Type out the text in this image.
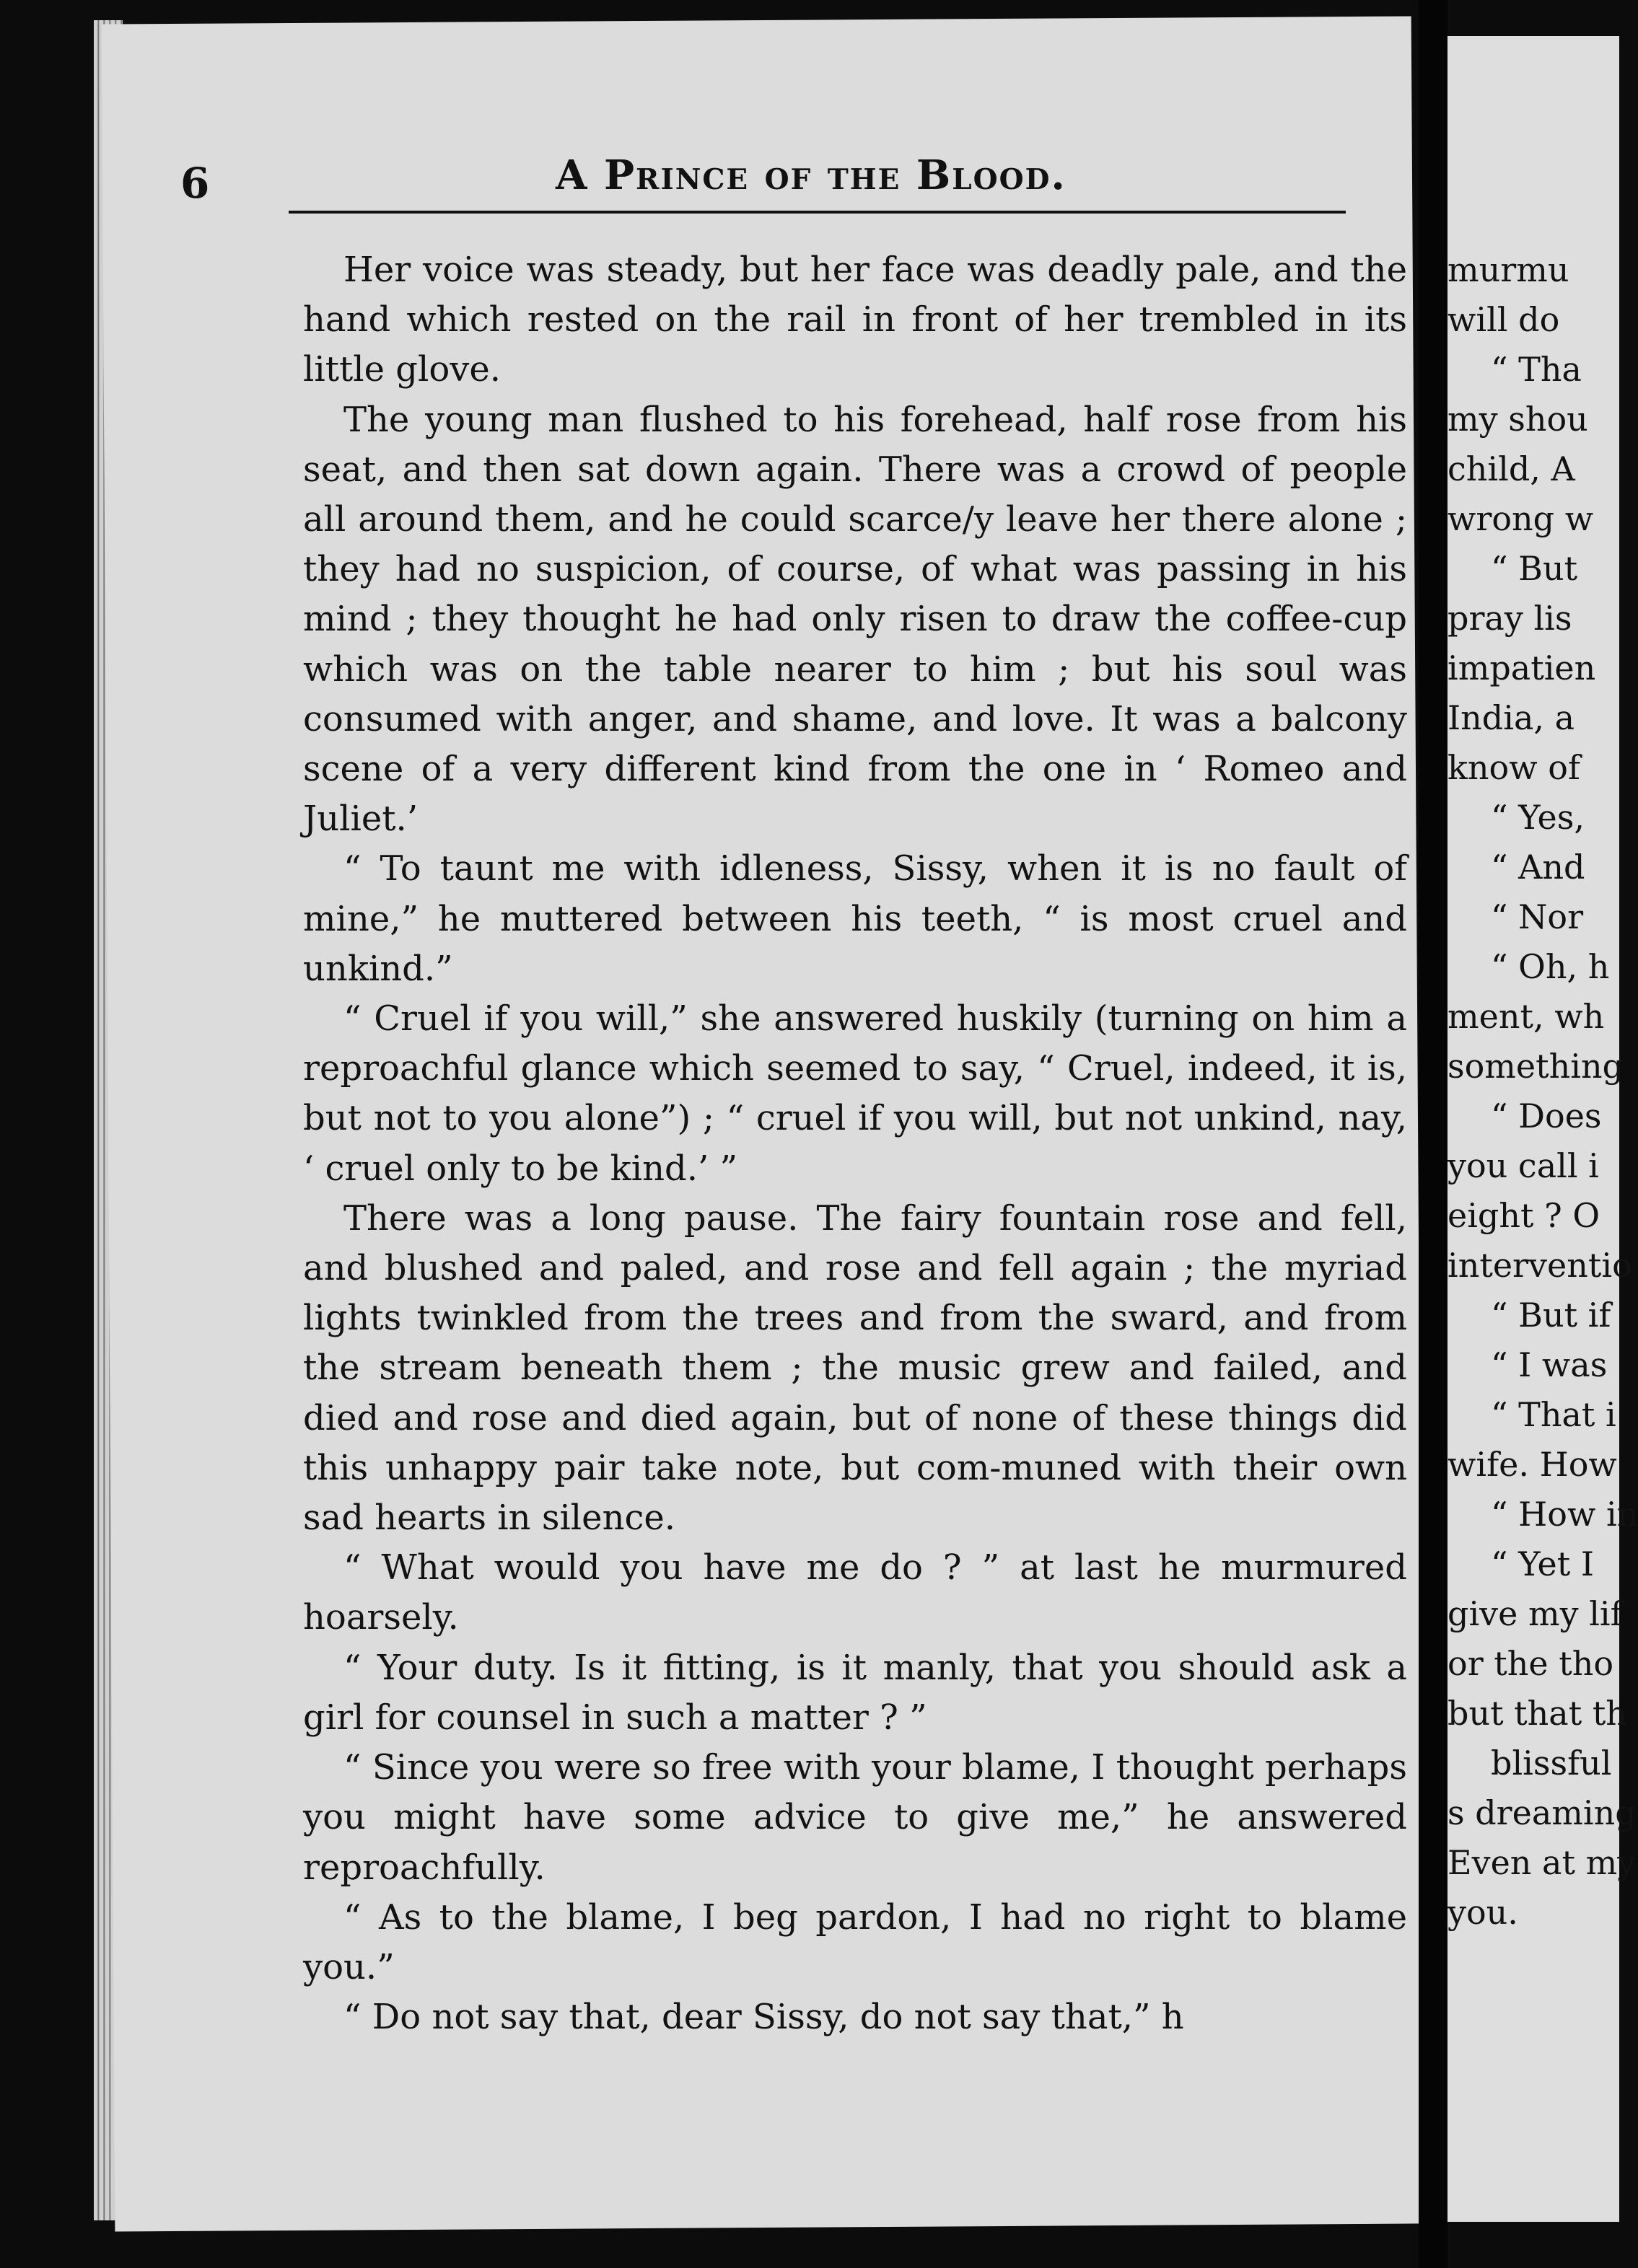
6	A Prince of the Blood.

Her voice was steady, but her face was deadly pale, and the hand which rested on the rail in front of her trembled in its little glove.

The young man flushed to his forehead, half rose from his seat, and then sat down again. There was a crowd of people all around them, and he could scarce/y leave her there alone ; they had no suspicion, of course, of what was passing in his mind ; they thought he had only risen to draw the coffee-cup which was on the table nearer to him ; but his soul was consumed with anger, and shame, and love. It was a balcony scene of a very different kind from the one in ‘ Romeo and Juliet.’

“ To taunt me with idleness, Sissy, when it is no fault of mine,” he muttered between his teeth, “ is most cruel and unkind.”

“ Cruel if you will,” she answered huskily (turning on him a reproachful glance which seemed to say, “ Cruel, indeed, it is, but not to you alone”) ; “ cruel if you will, but not unkind, nay, ‘ cruel only to be kind.’ ”

There was a long pause. The fairy fountain rose and fell, and blushed and paled, and rose and fell again ; the myriad lights twinkled from the trees and from the sward, and from the stream beneath them ; the music grew and failed, and died and rose and died again, but of none of these things did this unhappy pair take note, but com-muned with their own sad hearts in silence.

“ What would you have me do ? ” at last he murmured hoarsely.

“ Your duty. Is it fitting, is it manly, that you should ask a girl for counsel in such a matter ? ”

“ Since you were so free with your blame, I thought perhaps you might have some advice to give me,” he answered reproachfully.

“ As to the blame, I beg pardon, I had no right to blame you.”

“ Do not say that, dear Sissy, do not say that,” h

murmu
will do
“ Tha
my shou
child, A
wrong w
“ But
pray lis
impatien
India, a
know of
“ Yes,
“ And
“ Nor
“ Oh, h
ment, wh
something
“ Does
you call i
eight ? O
interventio
“ But if
“ I was
“ That i
wife. How
“ How in
“ Yet I
give my lif
or the tho
but that th
blissful
s dreaming
Even at my
you.
